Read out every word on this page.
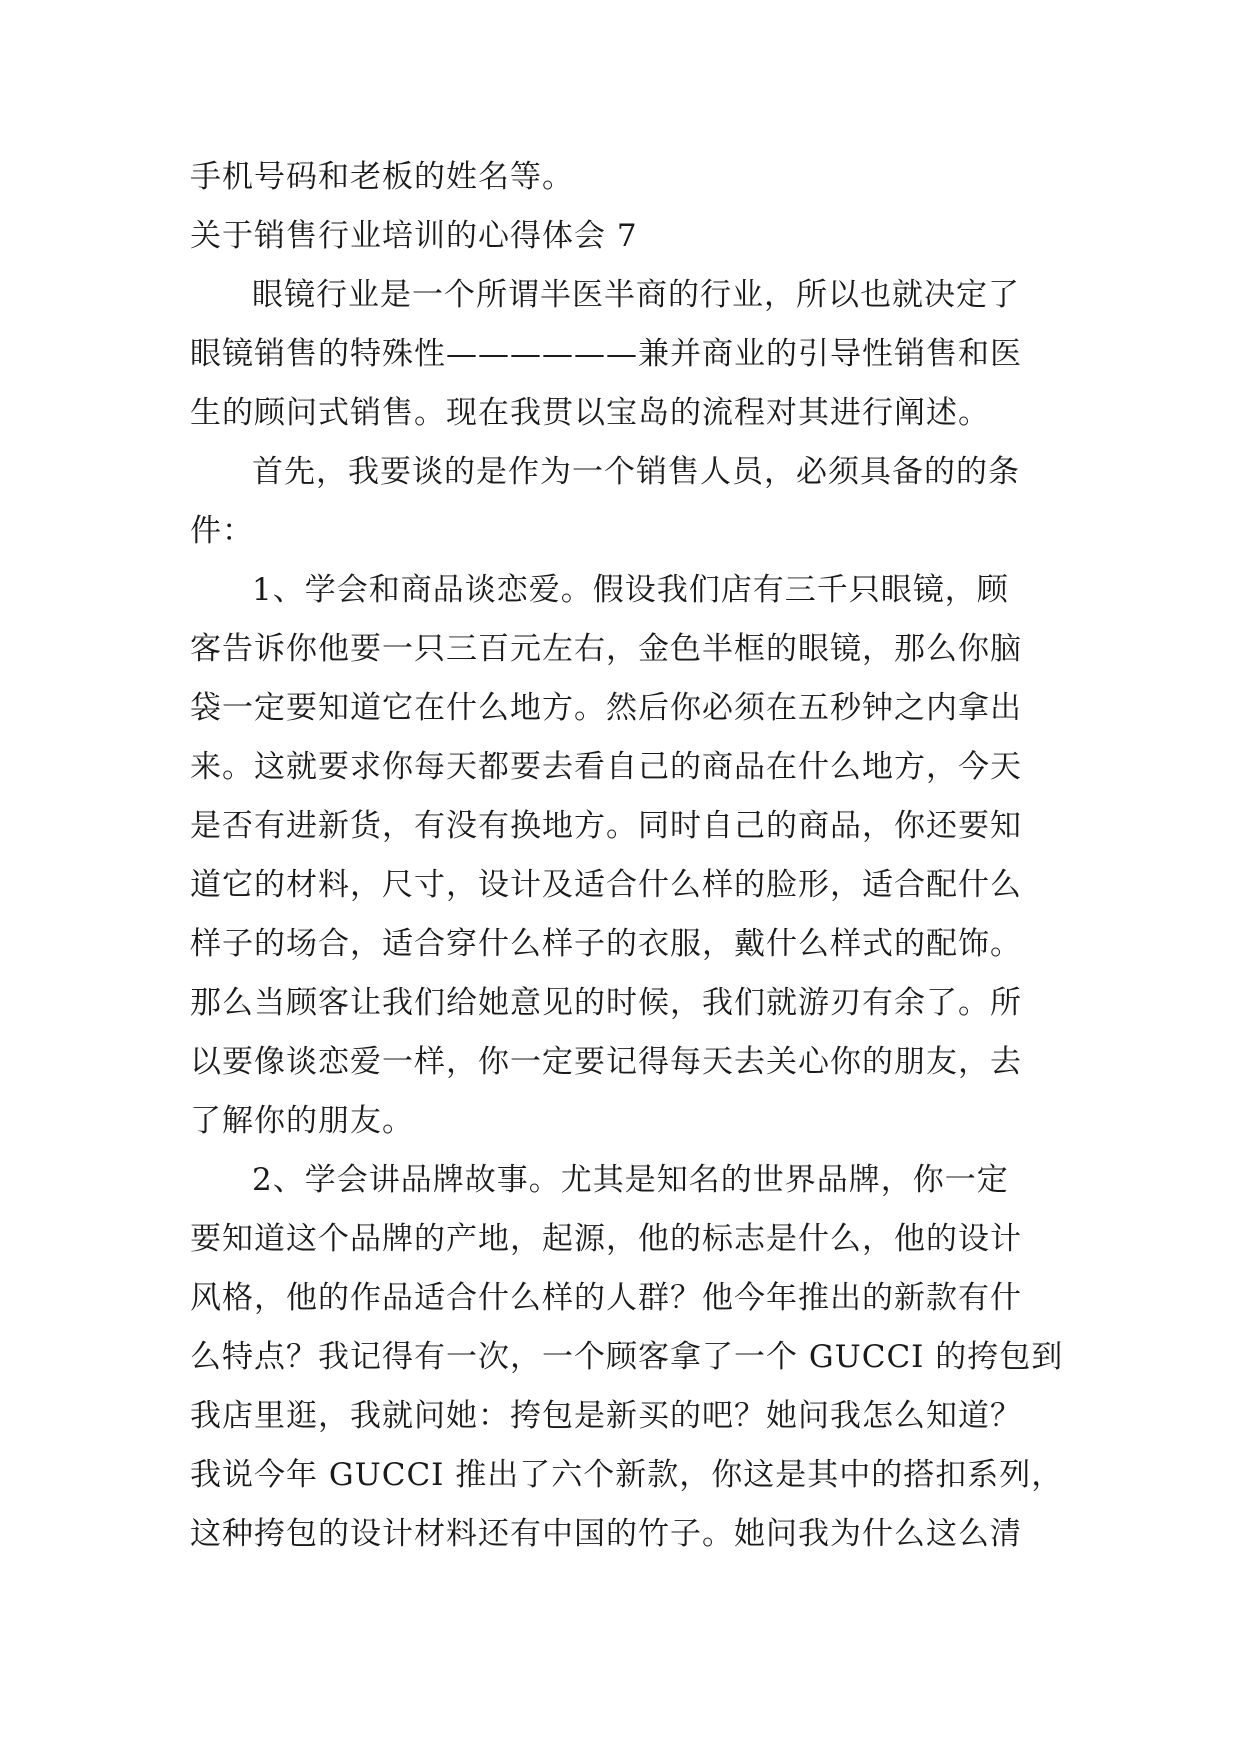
手机号码和老板的姓名等。

关于销售行业培训的心得体会 7

眼镜行业是一个所谓半医半商的行业，所以也就决定了

眼镜销售的特殊性——————兼并商业的引导性销售和医

生的顾问式销售。现在我贯以宝岛的流程对其进行阐述。

首先，我要谈的是作为一个销售人员，必须具备的的条

件：

1、学会和商品谈恋爱。假设我们店有三千只眼镜，顾

客告诉你他要一只三百元左右，金色半框的眼镜，那么你脑

袋一定要知道它在什么地方。然后你必须在五秒钟之内拿出

来。这就要求你每天都要去看自己的商品在什么地方，今天

是否有进新货，有没有换地方。同时自己的商品，你还要知

道它的材料，尺寸，设计及适合什么样的脸形，适合配什么

样子的场合，适合穿什么样子的衣服，戴什么样式的配饰。

那么当顾客让我们给她意见的时候，我们就游刃有余了。所

以要像谈恋爱一样，你一定要记得每天去关心你的朋友，去

了解你的朋友。

2、学会讲品牌故事。尤其是知名的世界品牌，你一定

要知道这个品牌的产地，起源，他的标志是什么，他的设计

风格，他的作品适合什么样的人群？他今年推出的新款有什

么特点？我记得有一次，一个顾客拿了一个 GUCCI 的挎包到

我店里逛，我就问她：挎包是新买的吧？她问我怎么知道？

我说今年 GUCCI 推出了六个新款，你这是其中的搭扣系列，

这种挎包的设计材料还有中国的竹子。她问我为什么这么清
